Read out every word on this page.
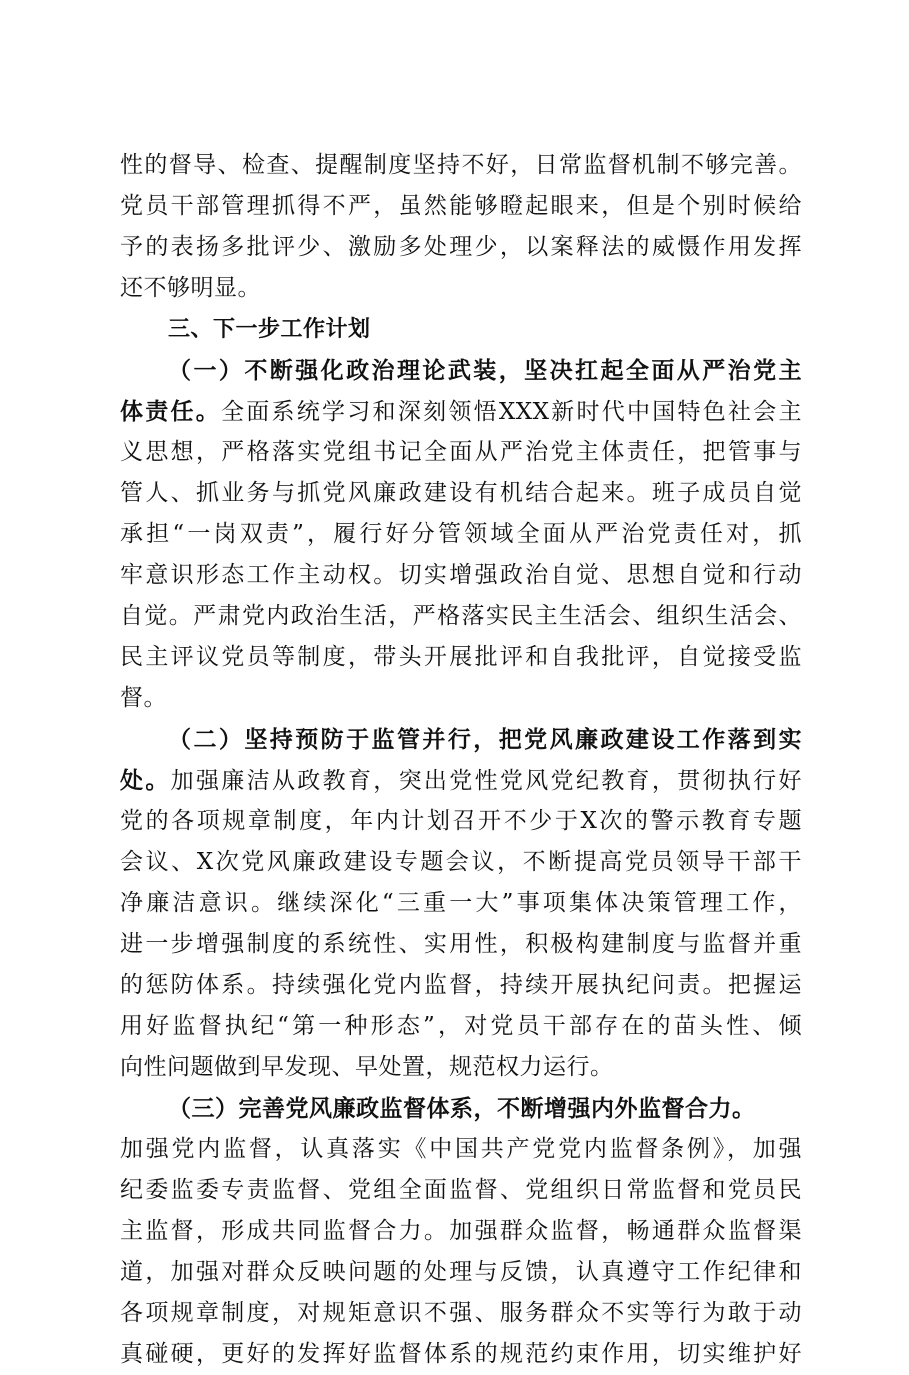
性的督导、检查、提醒制度坚持不好，日常监督机制不够完善。
党员干部管理抓得不严，虽然能够瞪起眼来，但是个别时候给
予的表扬多批评少、激励多处理少，以案释法的威慑作用发挥
还不够明显。
三、下一步工作计划
（一）不断强化政治理论武装，坚决扛起全面从严治党主
体责任。全面系统学习和深刻领悟XXX新时代中国特色社会主
义思想，严格落实党组书记全面从严治党主体责任，把管事与
管人、抓业务与抓党风廉政建设有机结合起来。班子成员自觉
承担“一岗双责”，履行好分管领域全面从严治党责任对，抓
牢意识形态工作主动权。切实增强政治自觉、思想自觉和行动
自觉。严肃党内政治生活，严格落实民主生活会、组织生活会、
民主评议党员等制度，带头开展批评和自我批评，自觉接受监
督。
（二）坚持预防于监管并行，把党风廉政建设工作落到实
处。加强廉洁从政教育，突出党性党风党纪教育，贯彻执行好
党的各项规章制度，年内计划召开不少于X次的警示教育专题
会议、X次党风廉政建设专题会议，不断提高党员领导干部干
净廉洁意识。继续深化“三重一大”事项集体决策管理工作，
进一步增强制度的系统性、实用性，积极构建制度与监督并重
的惩防体系。持续强化党内监督，持续开展执纪问责。把握运
用好监督执纪“第一种形态”，对党员干部存在的苗头性、倾
向性问题做到早发现、早处置，规范权力运行。
（三）完善党风廉政监督体系，不断增强内外监督合力。
加强党内监督，认真落实《中国共产党党内监督条例》，加强
纪委监委专责监督、党组全面监督、党组织日常监督和党员民
主监督，形成共同监督合力。加强群众监督，畅通群众监督渠
道，加强对群众反映问题的处理与反馈，认真遵守工作纪律和
各项规章制度，对规矩意识不强、服务群众不实等行为敢于动
真碰硬，更好的发挥好监督体系的规范约束作用，切实维护好
